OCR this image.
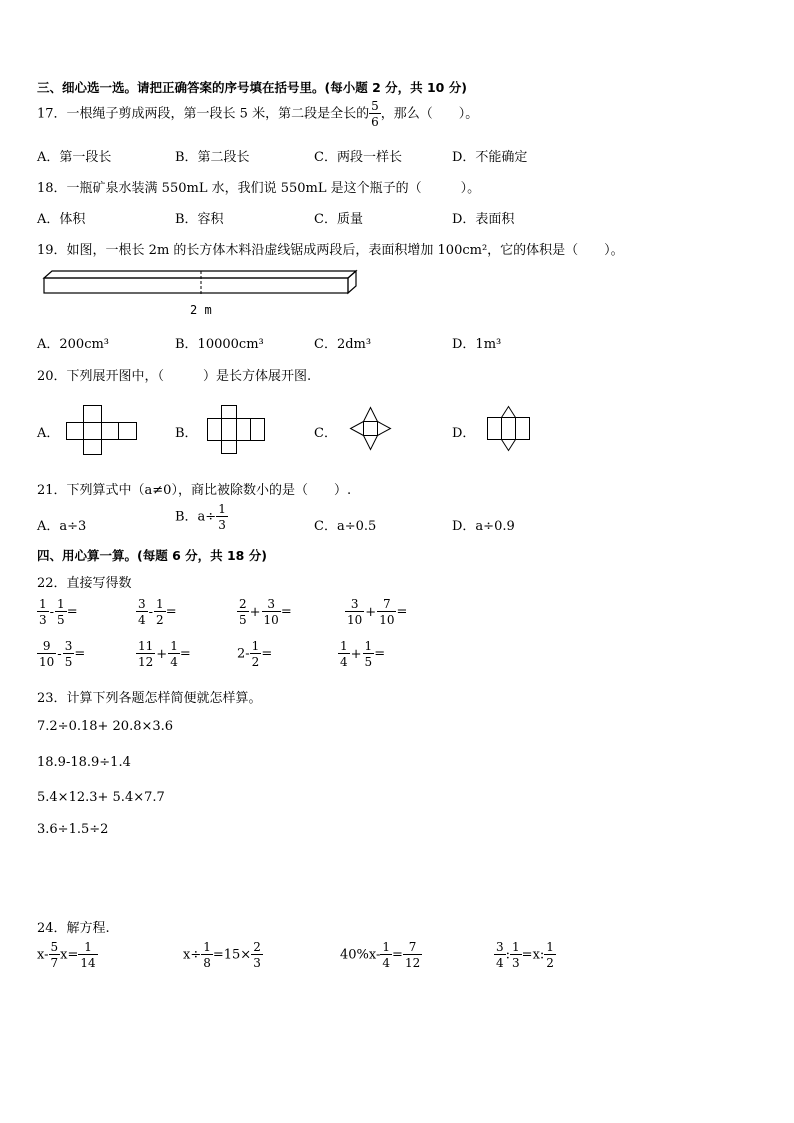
三、细心选一选。请把正确答案的序号填在括号里。(每小题 2 分，共 10 分)
17．一根绳子剪成两段，第一段长 5 米，第二段是全长的 $\frac{5}{6}$ ，那么（　　）。
A．第一段长	B．第二段长	C．两段一样长	D．不能确定
18．一瓶矿泉水装满 550mL 水，我们说 550mL 是这个瓶子的（　　　）。
A．体积	B．容积	C．质量	D．表面积
19．如图，一根长 2m 的长方体木料沿虚线锯成两段后，表面积增加 100cm²，它的体积是（　　）。
2 m
A．200cm³	B．10000cm³	C．2dm³	D．1m³
20．下列展开图中，（　　　）是长方体展开图.
A．	B．	C．	D．
21．下列算式中（a≠0），商比被除数小的是（　　）.
A．a÷3
B．$a\div \frac{1}{3}$	C．a÷0.5	D．a÷0.9
四、用心算一算。(每题 6 分，共 18 分)
22．直接写得数
$\frac{1}{3} - \frac{1}{5}$ =	$\frac{3}{4} - \frac{1}{2}$ =	$\frac{2}{5} + \frac{3}{10}$ =	$\frac{3}{10} + \frac{7}{10}$ =
$\frac{9}{10} - \frac{3}{5}$ =	$\frac{11}{12} + \frac{1}{4}$ =	$2- \frac{1}{2}$ =	$\frac{1}{4} + \frac{1}{5}$ =
23．计算下列各题怎样简便就怎样算。
7.2÷0.18+ 20.8×3.6
18.9-18.9÷1.4
5.4×12.3+ 5.4×7.7
3.6÷1.5÷2
24．解方程.
$x- \frac{5}{7} x= \frac{1}{14}$	$x\div \frac{1}{8} =15\times \frac{2}{3}$	$40\%x- \frac{1}{4} = \frac{7}{12}$	$\frac{3}{4}$ : $\frac{1}{3} =x$: $\frac{1}{2}$
